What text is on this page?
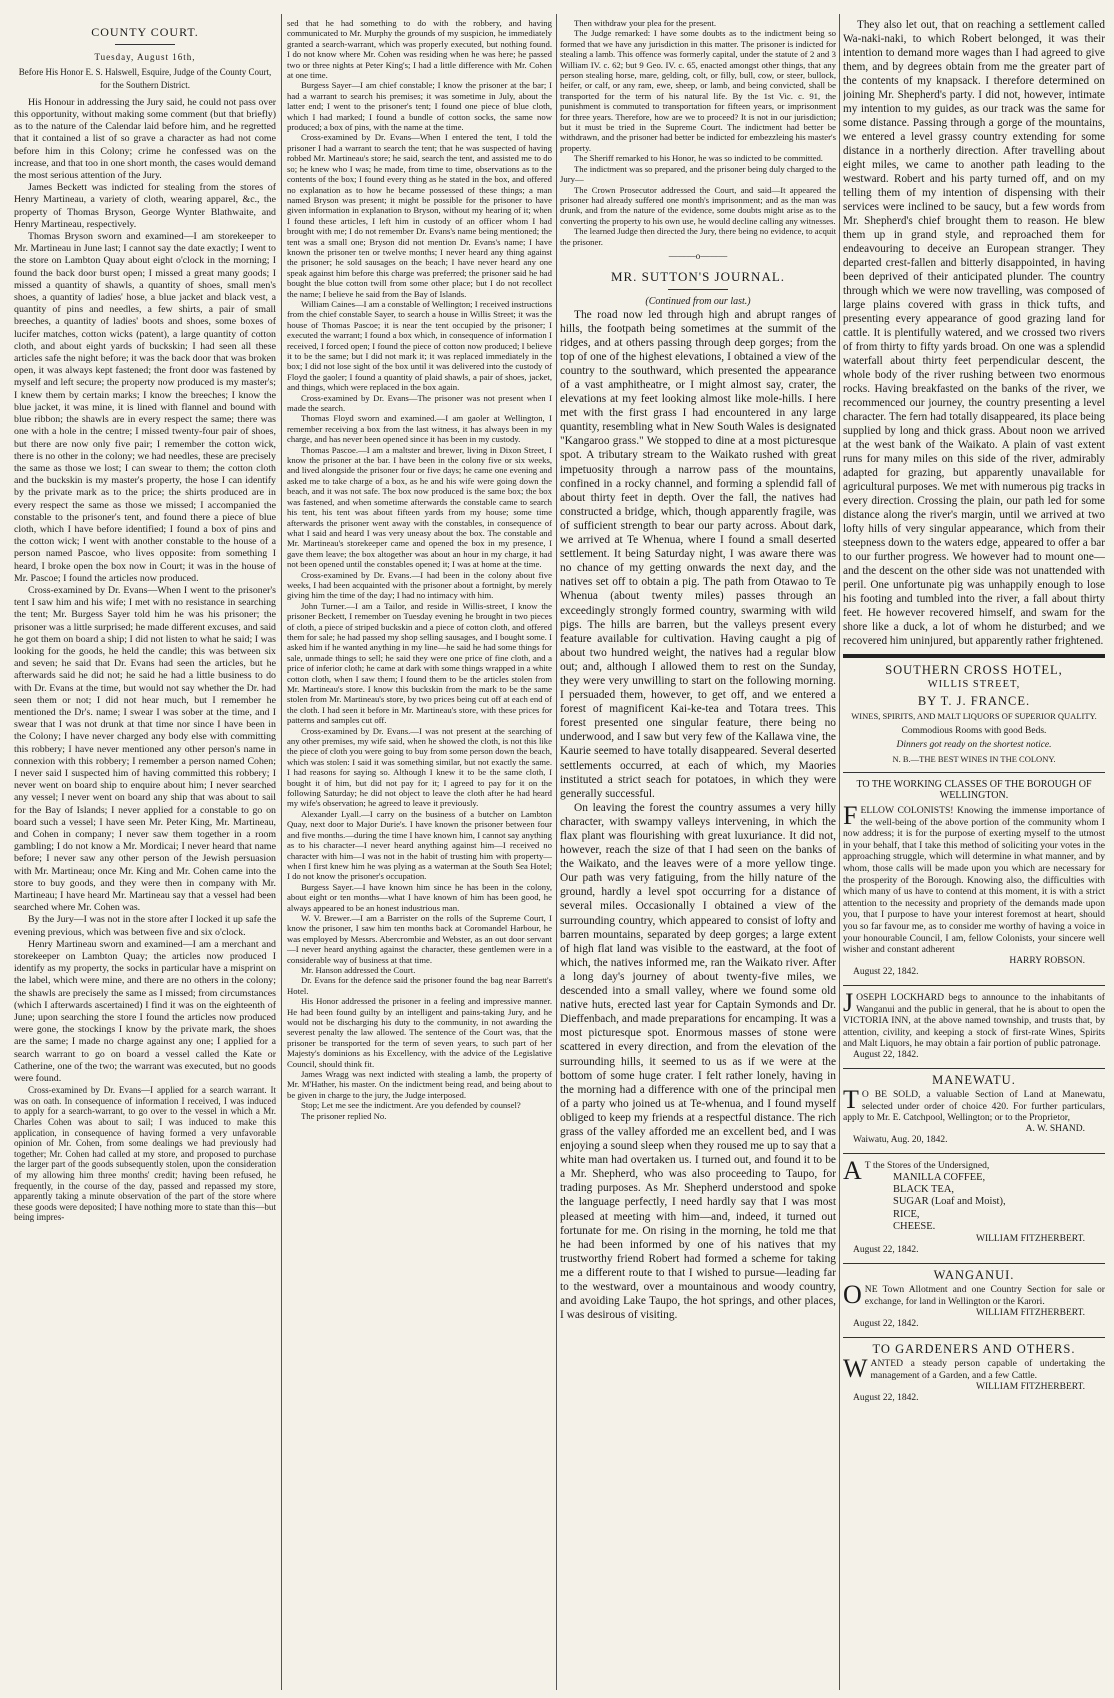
COUNTY COURT.

Tuesday, August 16th,

Before His Honor E. S. Halswell, Esquire, Judge of the County Court, for the Southern District.

His Honour in addressing the Jury said, he could not pass over this opportunity, without making some comment (but that briefly) as to the nature of the Calendar laid before him, and he regretted that it contained a list of so grave a character as had not come before him in this Colony; crime he confessed was on the increase, and that too in one short month, the cases would demand the most serious attention of the Jury.

James Beckett was indicted for stealing from the stores of Henry Martineau, a variety of cloth, wearing apparel, &c., the property of Thomas Bryson, George Wynter Blathwaite, and Henry Martineau, respectively.

Thomas Bryson sworn and examined—I am storekeeper to Mr. Martineau in June last; I cannot say the date exactly; I went to the store on Lambton Quay about eight o'clock in the morning; I found the back door burst open; I missed a great many goods; I missed a quantity of shawls, a quantity of shoes, small men's shoes, a quantity of ladies' hose, a blue jacket and black vest, a quantity of pins and needles, a few shirts, a pair of small breeches, a quantity of ladies' boots and shoes, some boxes of lucifer matches, cotton wicks (patent), a large quantity of cotton cloth, and about eight yards of buckskin; I had seen all these articles safe the night before; it was the back door that was broken open, it was always kept fastened; the front door was fastened by myself and left secure; the property now produced is my master's; I knew them by certain marks; I know the breeches; I know the blue jacket, it was mine, it is lined with flannel and bound with blue ribbon; the shawls are in every respect the same; there was one with a hole in the centre; I missed twenty-four pair of shoes, but there are now only five pair; I remember the cotton wick, there is no other in the colony; we had needles, these are precisely the same as those we lost; I can swear to them; the cotton cloth and the buckskin is my master's property, the hose I can identify by the private mark as to the price; the shirts produced are in every respect the same as those we missed; I accompanied the constable to the prisoner's tent, and found there a piece of blue cloth, which I have before identified; I found a box of pins and the cotton wick; I went with another constable to the house of a person named Pascoe, who lives opposite: from something I heard, I broke open the box now in Court; it was in the house of Mr. Pascoe; I found the articles now produced.

Cross-examined by Dr. Evans—When I went to the prisoner's tent I saw him and his wife; I met with no resistance in searching the tent; Mr. Burgess Sayer told him he was his prisoner; the prisoner was a little surprised; he made different excuses, and said he got them on board a ship; I did not listen to what he said; I was looking for the goods, he held the candle; this was between six and seven; he said that Dr. Evans had seen the articles, but he afterwards said he did not; he said he had a little business to do with Dr. Evans at the time, but would not say whether the Dr. had seen them or not; I did not hear much, but I remember he mentioned the Dr's. name; I swear I was sober at the time, and I swear that I was not drunk at that time nor since I have been in the Colony; I have never charged any body else with committing this robbery; I have never mentioned any other person's name in connexion with this robbery; I remember a person named Cohen; I never said I suspected him of having committed this robbery; I never went on board ship to enquire about him; I never searched any vessel; I never went on board any ship that was about to sail for the Bay of Islands; I never applied for a constable to go on board such a vessel; I have seen Mr. Peter King, Mr. Martineau, and Cohen in company; I never saw them together in a room gambling; I do not know a Mr. Mordicai; I never heard that name before; I never saw any other person of the Jewish persuasion with Mr. Martineau; once Mr. King and Mr. Cohen came into the store to buy goods, and they were then in company with Mr. Martineau; I have heard Mr. Martineau say that a vessel had been searched where Mr. Cohen was.

By the Jury—I was not in the store after I locked it up safe the evening previous, which was between five and six o'clock.

Henry Martineau sworn and examined—I am a merchant and storekeeper on Lambton Quay; the articles now produced I identify as my property, the socks in particular have a misprint on the label, which were mine, and there are no others in the colony; the shawls are precisely the same as I missed; from circumstances (which I afterwards ascertained) I find it was on the eighteenth of June; upon searching the store I found the articles now produced were gone, the stockings I know by the private mark, the shoes are the same; I made no charge against any one; I applied for a search warrant to go on board a vessel called the Kate or Catherine, one of the two; the warrant was executed, but no goods were found.

Cross-examined by Dr. Evans—I applied for a search warrant. It was on oath. In consequence of information I received, I was induced to apply for a search-warrant, to go over to the vessel in which a Mr. Charles Cohen was about to sail; I was induced to make this application, in consequence of having formed a very unfavorable opinion of Mr. Cohen, from some dealings we had previously had together; Mr. Cohen had called at my store, and proposed to purchase the larger part of the goods subsequently stolen, upon the consideration of my allowing him three months' credit; having been refused, he frequently, in the course of the day, passed and repassed my store, apparently taking a minute observation of the part of the store where these goods were deposited; I have nothing more to state than this—but being impres-

sed that he had something to do with the robbery, and having communicated to Mr. Murphy the grounds of my suspicion, he immediately granted a search-warrant, which was properly executed, but nothing found. I do not know where Mr. Cohen was residing when he was here; he passed two or three nights at Peter King's; I had a little difference with Mr. Cohen at one time.

Burgess Sayer—I am chief constable; I know the prisoner at the bar; I had a warrant to search his premises; it was sometime in July, about the latter end; I went to the prisoner's tent; I found one piece of blue cloth, which I had marked; I found a bundle of cotton socks, the same now produced; a box of pins, with the name at the time.

Cross-examined by Dr. Evans—When I entered the tent, I told the prisoner I had a warrant to search the tent; that he was suspected of having robbed Mr. Martineau's store; he said, search the tent, and assisted me to do so; he knew who I was; he made, from time to time, observations as to the contents of the box; I found every thing as he stated in the box, and offered no explanation as to how he became possessed of these things; a man named Bryson was present; it might be possible for the prisoner to have given information in explanation to Bryson, without my hearing of it; when I found these articles, I left him in custody of an officer whom I had brought with me; I do not remember Dr. Evans's name being mentioned; the tent was a small one; Bryson did not mention Dr. Evans's name; I have known the prisoner ten or twelve months; I never heard any thing against the prisoner; he sold sausages on the beach; I have never heard any one speak against him before this charge was preferred; the prisoner said he had bought the blue cotton twill from some other place; but I do not recollect the name; I believe he said from the Bay of Islands.

William Caines—I am a constable of Wellington; I received instructions from the chief constable Sayer, to search a house in Willis Street; it was the house of Thomas Pascoe; it is near the tent occupied by the prisoner; I executed the warrant; I found a box which, in consequence of information I received, I forced open; I found the piece of cotton now produced; I believe it to be the same; but I did not mark it; it was replaced immediately in the box; I did not lose sight of the box until it was delivered into the custody of Floyd the gaoler; I found a quantity of plaid shawls, a pair of shoes, jacket, and things, which were replaced in the box again.

Cross-examined by Dr. Evans—The prisoner was not present when I made the search.

Thomas Floyd sworn and examined.—I am gaoler at Wellington, I remember receiving a box from the last witness, it has always been in my charge, and has never been opened since it has been in my custody.

Thomas Pascoe.—I am a maltster and brewer, living in Dixon Street, I know the prisoner at the bar. I have been in the colony five or six weeks, and lived alongside the prisoner four or five days; he came one evening and asked me to take charge of a box, as he and his wife were going down the beach, and it was not safe. The box now produced is the same box; the box was fastened, and when sometime afterwards the constable came to search his tent, his tent was about fifteen yards from my house; some time afterwards the prisoner went away with the constables, in consequence of what I said and heard I was very uneasy about the box. The constable and Mr. Martineau's storekeeper came and opened the box in my presence, I gave them leave; the box altogether was about an hour in my charge, it had not been opened until the constables opened it; I was at home at the time.

Cross-examined by Dr. Evans.—I had been in the colony about five weeks, I had been acquainted with the prisoner about a fortnight, by merely giving him the time of the day; I had no intimacy with him.

John Turner.—I am a Tailor, and reside in Willis-street, I know the prisoner Beckett, I remember on Tuesday evening he brought in two pieces of cloth, a piece of striped buckskin and a piece of cotton cloth, and offered them for sale; he had passed my shop selling sausages, and I bought some. I asked him if he wanted anything in my line—he said he had some things for sale, unmade things to sell; he said they were one price of fine cloth, and a price of inferior cloth; he came at dark with some things wrapped in a white cotton cloth, when I saw them; I found them to be the articles stolen from Mr. Martineau's store. I know this buckskin from the mark to be the same stolen from Mr. Martineau's store, by two prices being cut off at each end of the cloth. I had seen it before in Mr. Martineau's store, with these prices for patterns and samples cut off.

Cross-examined by Dr. Evans.—I was not present at the searching of any other premises, my wife said, when he showed the cloth, is not this like the piece of cloth you were going to buy from some person down the beach, which was stolen: I said it was something similar, but not exactly the same. I had reasons for saying so. Although I knew it to be the same cloth, I bought it of him, but did not pay for it; I agreed to pay for it on the following Saturday; he did not object to leave the cloth after he had heard my wife's observation; he agreed to leave it previously.

Alexander Lyall.—I carry on the business of a butcher on Lambton Quay, next door to Major Durie's. I have known the prisoner between four and five months.—during the time I have known him, I cannot say anything as to his character—I never heard anything against him—I received no character with him—I was not in the habit of trusting him with property—when I first knew him he was plying as a waterman at the South Sea Hotel; I do not know the prisoner's occupation.

Burgess Sayer.—I have known him since he has been in the colony, about eight or ten months—what I have known of him has been good, he always appeared to be an honest industrious man.

W. V. Brewer.—I am a Barrister on the rolls of the Supreme Court, I know the prisoner, I saw him ten months back at Coromandel Harbour, he was employed by Messrs. Abercrombie and Webster, as an out door servant—I never heard anything against the character, these gentlemen were in a considerable way of business at that time.

Mr. Hanson addressed the Court.

Dr. Evans for the defence said the prisoner found the bag near Barrett's Hotel.

His Honor addressed the prisoner in a feeling and impressive manner. He had been found guilty by an intelligent and pains-taking Jury, and he would not be discharging his duty to the community, in not awarding the severest penalty the law allowed. The sentence of the Court was, that the prisoner be transported for the term of seven years, to such part of her Majesty's dominions as his Excellency, with the advice of the Legislative Council, should think fit.

James Wragg was next indicted with stealing a lamb, the property of Mr. M'Hather, his master. On the indictment being read, and being about to be given in charge to the jury, the Judge interposed.

Stop; Let me see the indictment. Are you defended by counsel?

The prisoner replied No.

Then withdraw your plea for the present.

The Judge remarked: I have some doubts as to the indictment being so formed that we have any jurisdiction in this matter. The prisoner is indicted for stealing a lamb. This offence was formerly capital, under the statute of 2 and 3 William IV. c. 62; but 9 Geo. IV. c. 65, enacted amongst other things, that any person stealing horse, mare, gelding, colt, or filly, bull, cow, or steer, bullock, heifer, or calf, or any ram, ewe, sheep, or lamb, and being convicted, shall be transported for the term of his natural life. By the 1st Vic. c. 91, the punishment is commuted to transportation for fifteen years, or imprisonment for three years. Therefore, how are we to proceed? It is not in our jurisdiction; but it must be tried in the Supreme Court. The indictment had better be withdrawn, and the prisoner had better be indicted for embezzleing his master's property.

The Sheriff remarked to his Honor, he was so indicted to be committed.

The indictment was so prepared, and the prisoner being duly charged to the Jury—

The Crown Prosecutor addressed the Court, and said—It appeared the prisoner had already suffered one month's imprisonment; and as the man was drunk, and from the nature of the evidence, some doubts might arise as to the converting the property to his own use, he would decline calling any witnesses.

The learned Judge then directed the Jury, there being no evidence, to acquit the prisoner.

———o———
MR. SUTTON'S JOURNAL.

(Continued from our last.)

The road now led through high and abrupt ranges of hills, the footpath being sometimes at the summit of the ridges, and at others passing through deep gorges; from the top of one of the highest elevations, I obtained a view of the country to the southward, which presented the appearance of a vast amphitheatre, or I might almost say, crater, the elevations at my feet looking almost like mole-hills. I here met with the first grass I had encountered in any large quantity, resembling what in New South Wales is designated "Kangaroo grass." We stopped to dine at a most picturesque spot. A tributary stream to the Waikato rushed with great impetuosity through a narrow pass of the mountains, confined in a rocky channel, and forming a splendid fall of about thirty feet in depth. Over the fall, the natives had constructed a bridge, which, though apparently fragile, was of sufficient strength to bear our party across. About dark, we arrived at Te Whenua, where I found a small deserted settlement. It being Saturday night, I was aware there was no chance of my getting onwards the next day, and the natives set off to obtain a pig. The path from Otawao to Te Whenua (about twenty miles) passes through an exceedingly strongly formed country, swarming with wild pigs. The hills are barren, but the valleys present every feature available for cultivation. Having caught a pig of about two hundred weight, the natives had a regular blow out; and, although I allowed them to rest on the Sunday, they were very unwilling to start on the following morning. I persuaded them, however, to get off, and we entered a forest of magnificent Kai-ke-tea and Totara trees. This forest presented one singular feature, there being no underwood, and I saw but very few of the Kallawa vine, the Kaurie seemed to have totally disappeared. Several deserted settlements occurred, at each of which, my Maories instituted a strict seach for potatoes, in which they were generally successful.

On leaving the forest the country assumes a very hilly character, with swampy valleys intervening, in which the flax plant was flourishing with great luxuriance. It did not, however, reach the size of that I had seen on the banks of the Waikato, and the leaves were of a more yellow tinge. Our path was very fatiguing, from the hilly nature of the ground, hardly a level spot occurring for a distance of several miles. Occasionally I obtained a view of the surrounding country, which appeared to consist of lofty and barren mountains, separated by deep gorges; a large extent of high flat land was visible to the eastward, at the foot of which, the natives informed me, ran the Waikato river. After a long day's journey of about twenty-five miles, we descended into a small valley, where we found some old native huts, erected last year for Captain Symonds and Dr. Dieffenbach, and made preparations for encamping. It was a most picturesque spot. Enormous masses of stone were scattered in every direction, and from the elevation of the surrounding hills, it seemed to us as if we were at the bottom of some huge crater. I felt rather lonely, having in the morning had a difference with one of the principal men of a party who joined us at Te-whenua, and I found myself obliged to keep my friends at a respectful distance. The rich grass of the valley afforded me an excellent bed, and I was enjoying a sound sleep when they roused me up to say that a white man had overtaken us. I turned out, and found it to be a Mr. Shepherd, who was also proceeding to Taupo, for trading purposes. As Mr. Shepherd understood and spoke the language perfectly, I need hardly say that I was most pleased at meeting with him—and, indeed, it turned out fortunate for me. On rising in the morning, he told me that he had been informed by one of his natives that my trustworthy friend Robert had formed a scheme for taking me a different route to that I wished to pursue—leading far to the westward, over a mountainous and woody country, and avoiding Lake Taupo, the hot springs, and other places, I was desirous of visiting.

They also let out, that on reaching a settlement called Wa-naki-naki, to which Robert belonged, it was their intention to demand more wages than I had agreed to give them, and by degrees obtain from me the greater part of the contents of my knapsack. I therefore determined on joining Mr. Shepherd's party. I did not, however, intimate my intention to my guides, as our track was the same for some distance. Passing through a gorge of the mountains, we entered a level grassy country extending for some distance in a northerly direction. After travelling about eight miles, we came to another path leading to the westward. Robert and his party turned off, and on my telling them of my intention of dispensing with their services were inclined to be saucy, but a few words from Mr. Shepherd's chief brought them to reason. He blew them up in grand style, and reproached them for endeavouring to deceive an European stranger. They departed crest-fallen and bitterly disappointed, in having been deprived of their anticipated plunder. The country through which we were now travelling, was composed of large plains covered with grass in thick tufts, and presenting every appearance of good grazing land for cattle. It is plentifully watered, and we crossed two rivers of from thirty to fifty yards broad. On one was a splendid waterfall about thirty feet perpendicular descent, the whole body of the river rushing between two enormous rocks. Having breakfasted on the banks of the river, we recommenced our journey, the country presenting a level character. The fern had totally disappeared, its place being supplied by long and thick grass. About noon we arrived at the west bank of the Waikato. A plain of vast extent runs for many miles on this side of the river, admirably adapted for grazing, but apparently unavailable for agricultural purposes. We met with numerous pig tracks in every direction. Crossing the plain, our path led for some distance along the river's margin, until we arrived at two lofty hills of very singular appearance, which from their steepness down to the waters edge, appeared to offer a bar to our further progress. We however had to mount one—and the descent on the other side was not unattended with peril. One unfortunate pig was unhappily enough to lose his footing and tumbled into the river, a fall about thirty feet. He however recovered himself, and swam for the shore like a duck, a lot of whom he disturbed; and we recovered him uninjured, but apparently rather frightened.

SOUTHERN CROSS HOTEL,
WILLIS STREET,
BY T. J. FRANCE.
WINES, SPIRITS, AND MALT LIQUORS OF SUPERIOR QUALITY.
Commodious Rooms with good Beds.
Dinners got ready on the shortest notice.
N. B.—THE BEST WINES IN THE COLONY.
TO THE WORKING CLASSES OF THE BOROUGH OF WELLINGTON.
FELLOW COLONISTS! Knowing the immense importance of the well-being of the above portion of the community whom I now address; it is for the purpose of exerting myself to the utmost in your behalf, that I take this method of soliciting your votes in the approaching struggle, which will determine in what manner, and by whom, those calls will be made upon you which are necessary for the prosperity of the Borough. Knowing also, the difficulties with which many of us have to contend at this moment, it is with a strict attention to the necessity and propriety of the demands made upon you, that I purpose to have your interest foremost at heart, should you so far favour me, as to consider me worthy of having a voice in your honourable Council, I am, fellow Colonists, your sincere well wisher and constant adherent
HARRY ROBSON.
August 22, 1842.
JOSEPH LOCKHARD begs to announce to the inhabitants of Wanganui and the public in general, that he is about to open the VICTORIA INN, at the above named township, and trusts that, by attention, civility, and keeping a stock of first-rate Wines, Spirits and Malt Liquors, he may obtain a fair portion of public patronage.
August 22, 1842.
MANEWATU.
T O BE SOLD, a valuable Section of Land at Manewatu, selected under order of choice 420. For further particulars, apply to Mr. E. Catchpool, Wellington; or to the Proprietor,
A. W. SHAND.
Waiwatu, Aug. 20, 1842.
A T the Stores of the Undersigned,
MANILLA COFFEE,
BLACK TEA,
SUGAR (Loaf and Moist),
RICE,
CHEESE.
WILLIAM FITZHERBERT.
August 22, 1842.
WANGANUI.
ONE Town Allotment and one Country Section for sale or exchange, for land in Wellington or the Karori.
WILLIAM FITZHERBERT.
August 22, 1842.
TO GARDENERS AND OTHERS.
WANTED a steady person capable of undertaking the management of a Garden, and a few Cattle.
WILLIAM FITZHERBERT.
August 22, 1842.
